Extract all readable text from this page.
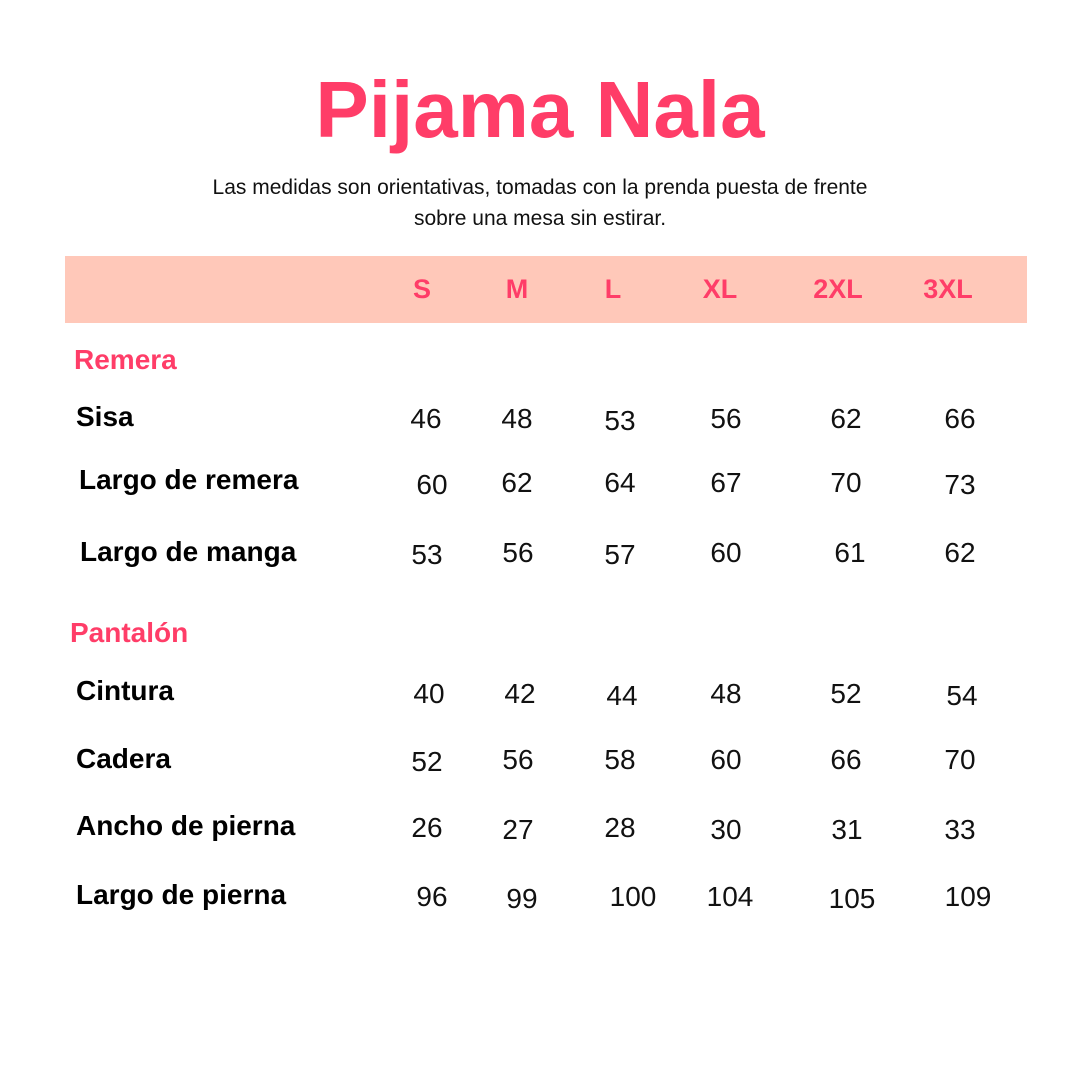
Pijama Nala
Las medidas son orientativas, tomadas con la prenda puesta de frente
sobre una mesa sin estirar.
S	M	L	XL	2XL	3XL
Remera
Sisa	46	48	53	56	62	66
Largo de remera	60	62	64	67	70	73
Largo de manga	53	56	57	60	61	62
Pantalón
Cintura	40	42	44	48	52	54
Cadera	52	56	58	60	66	70
Ancho de pierna	26	27	28	30	31	33
Largo de pierna	96	99	100	104	105	109
